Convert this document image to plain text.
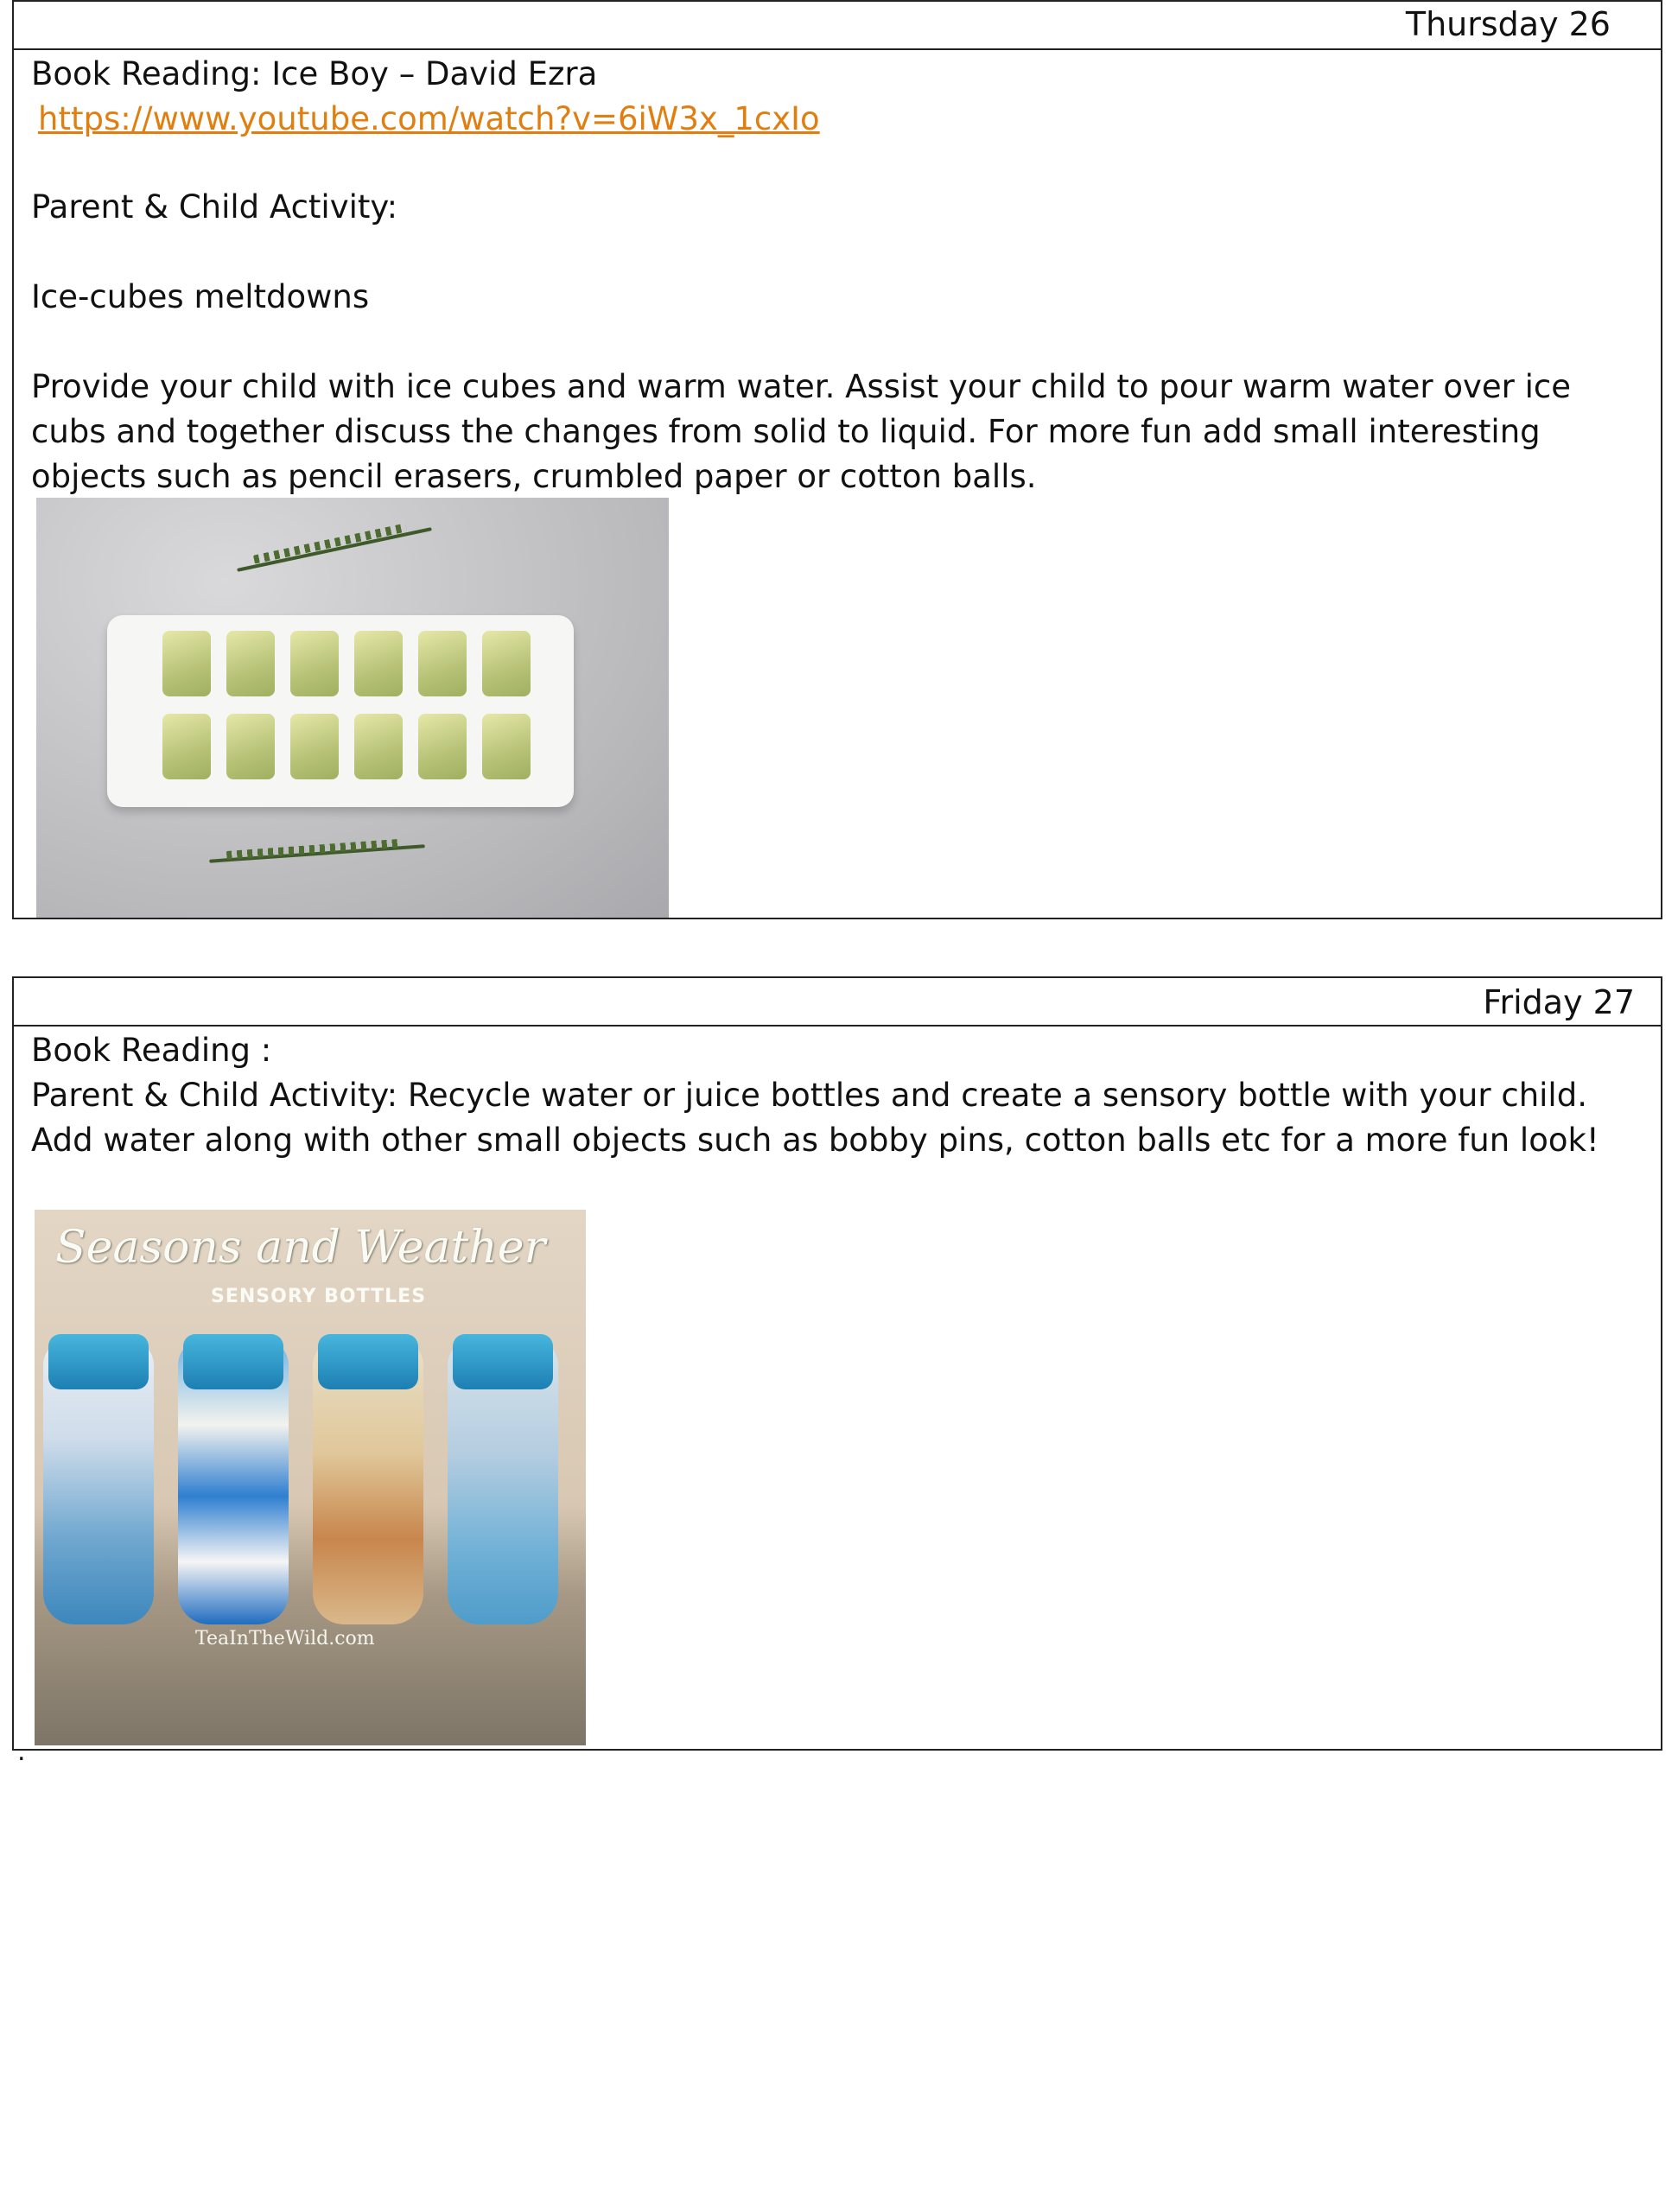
Thursday 26
Book Reading: Ice Boy – David Ezra
https://www.youtube.com/watch?v=6iW3x_1cxIo
Parent & Child Activity:
Ice-cubes meltdowns
Provide your child with ice cubes and warm water. Assist your child to pour warm water over ice cubs and together discuss the changes from solid to liquid. For more fun add small interesting objects such as pencil erasers, crumbled paper or cotton balls.
Friday 27
Book Reading :
Parent & Child Activity: Recycle water or juice bottles and create a sensory bottle with your child. Add water along with other small objects such as bobby pins, cotton balls etc for a more fun look!
Seasons and Weather
SENSORY BOTTLES
TeaInTheWild.com
.
